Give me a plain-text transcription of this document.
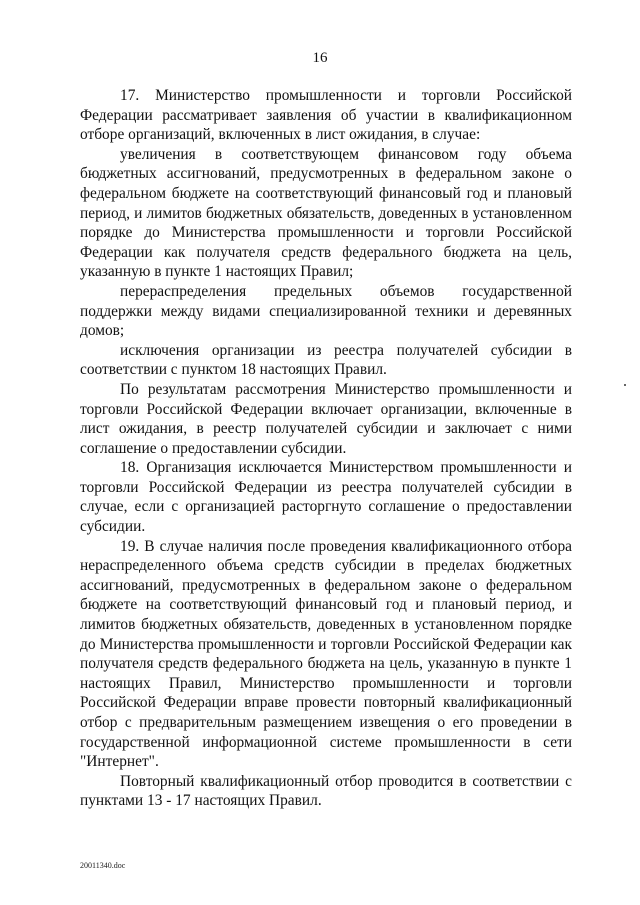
16

17. Министерство промышленности и торговли Российской Федерации рассматривает заявления об участии в квалификационном отборе организаций, включенных в лист ожидания, в случае:

увеличения в соответствующем финансовом году объема бюджетных ассигнований, предусмотренных в федеральном законе о федеральном бюджете на соответствующий финансовый год и плановый период, и лимитов бюджетных обязательств, доведенных в установленном порядке до Министерства промышленности и торговли Российской Федерации как получателя средств федерального бюджета на цель, указанную в пункте 1 настоящих Правил;

перераспределения предельных объемов государственной поддержки между видами специализированной техники и деревянных домов;

исключения организации из реестра получателей субсидии в соответствии с пунктом 18 настоящих Правил.

По результатам рассмотрения Министерство промышленности и торговли Российской Федерации включает организации, включенные в лист ожидания, в реестр получателей субсидии и заключает с ними соглашение о предоставлении субсидии.

18. Организация исключается Министерством промышленности и торговли Российской Федерации из реестра получателей субсидии в случае, если с организацией расторгнуто соглашение о предоставлении субсидии.

19. В случае наличия после проведения квалификационного отбора нераспределенного объема средств субсидии в пределах бюджетных ассигнований, предусмотренных в федеральном законе о федеральном бюджете на соответствующий финансовый год и плановый период, и лимитов бюджетных обязательств, доведенных в установленном порядке до Министерства промышленности и торговли Российской Федерации как получателя средств федерального бюджета на цель, указанную в пункте 1 настоящих Правил, Министерство промышленности и торговли Российской Федерации вправе провести повторный квалификационный отбор с предварительным размещением извещения о его проведении в государственной информационной системе промышленности в сети "Интернет".

Повторный квалификационный отбор проводится в соответствии с пунктами 13 - 17 настоящих Правил.

20011340.doc
